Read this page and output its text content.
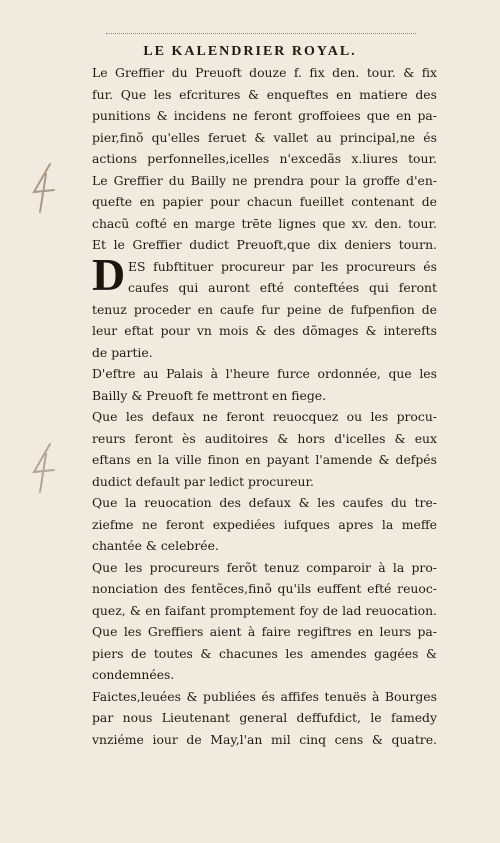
LE KALENDRIER ROYAL.
D
Le Greffier du Preuoft douze f. fix den. tour. & fix
fur. Que les efcritures & enqueftes en matiere des
punitions & incidens ne feront groffoiees que en pa-
pier,finõ qu'elles feruet & vallet au principal,ne és
actions perfonnelles,icelles n'excedãs x.liures tour.
Le Greffier du Bailly ne prendra pour la groffe d'en-
quefte en papier pour chacun fueillet contenant de
chacũ cofté en marge trēte lignes que xv. den. tour.
Et le Greffier dudict Preuoft,que dix deniers tourn.
ES fubftituer procureur par les procureurs és
caufes qui auront efté conteftées qui feront
tenuz proceder en caufe fur peine de fufpenfion de
leur eftat pour vn mois & des dõmages & interefts
de partie.
D'eftre au Palais à l'heure furce ordonnée, que les
Bailly & Preuoft fe mettront en fiege.
Que les defaux ne feront reuocquez ou les procu-
reurs feront ès auditoires & hors d'icelles & eux
eftans en la ville finon en payant l'amende & defpés
dudict default par ledict procureur.
Que la reuocation des defaux & les caufes du tre-
ziefme ne feront expediées iufques apres la meffe
chantée & celebrée.
Que les procureurs ferõt tenuz comparoir à la pro-
nonciation des fentẽces,finõ qu'ils euffent efté reuoc-
quez, & en faifant promptement foy de lad reuocation.
Que les Greffiers aient à faire regiftres en leurs pa-
piers de toutes & chacunes les amendes gagées &
condemnées.
Faictes,leuées & publiées és affifes tenuës à Bourges
par nous Lieutenant general deffufdict, le famedy
vnziéme iour de May,l'an mil cinq cens & quatre.
